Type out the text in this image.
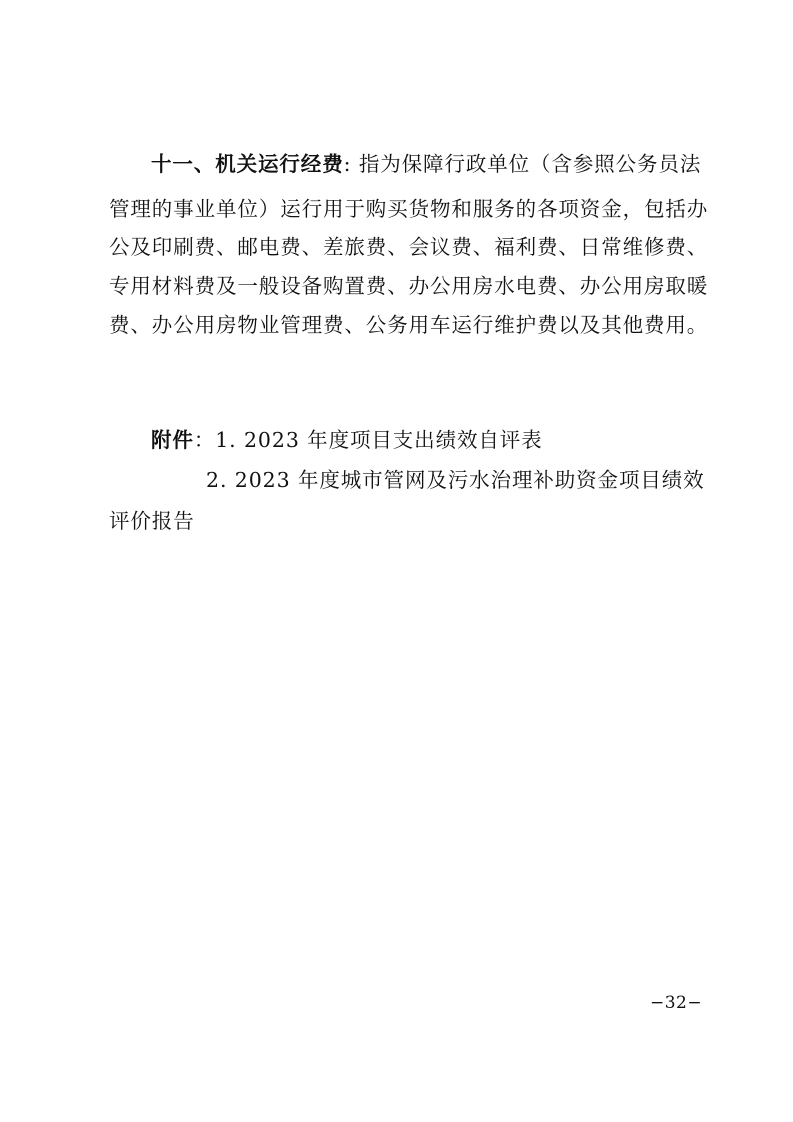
十一、机关运行经费: 指为保障行政单位（含参照公务员法
管理的事业单位）运行用于购买货物和服务的各项资金，包括办
公及印刷费、邮电费、差旅费、会议费、福利费、日常维修费、
专用材料费及一般设备购置费、办公用房水电费、办公用房取暖
费、办公用房物业管理费、公务用车运行维护费以及其他费用。
附件：1. 2023 年度项目支出绩效自评表
2. 2023 年度城市管网及污水治理补助资金项目绩效
评价报告
−32−
